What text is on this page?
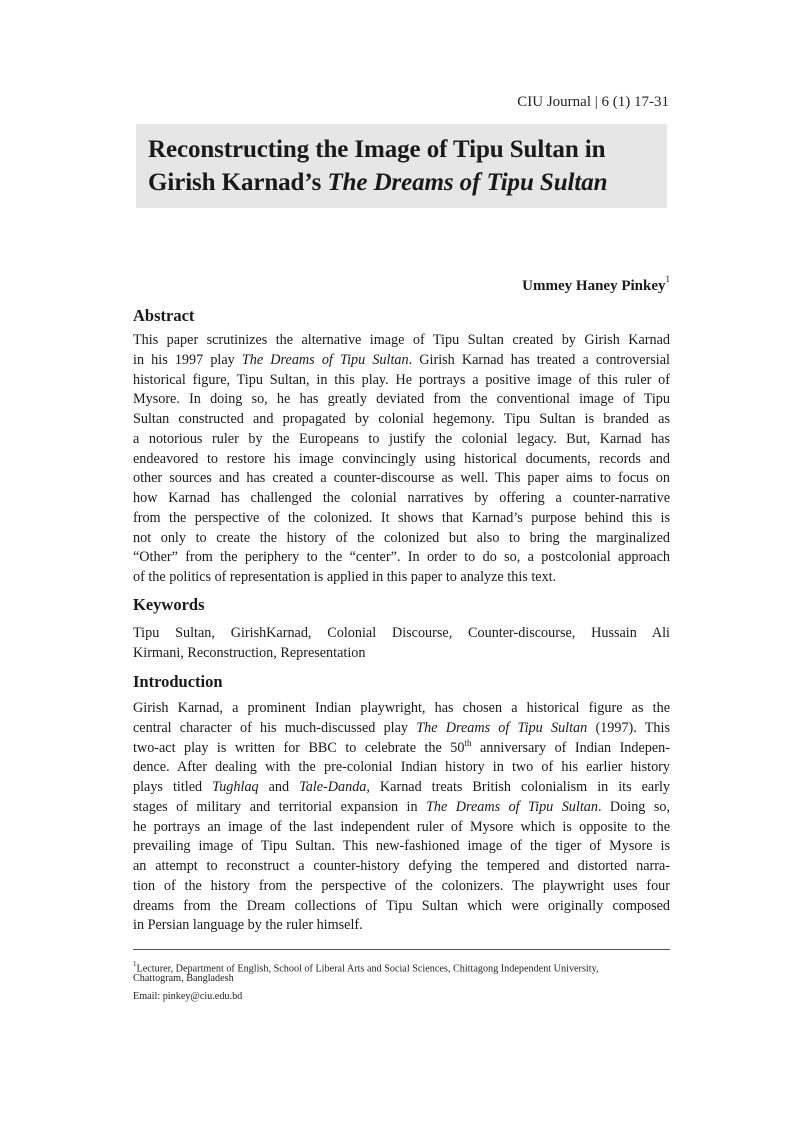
CIU Journal | 6 (1) 17-31
Reconstructing the Image of Tipu Sultan in
Girish Karnad’s The Dreams of Tipu Sultan
Ummey Haney Pinkey$^1$
Abstract
This paper scrutinizes the alternative image of Tipu Sultan created by Girish Karnad
in his 1997 play The Dreams of Tipu Sultan. Girish Karnad has treated a controversial
historical figure, Tipu Sultan, in this play. He portrays a positive image of this ruler of
Mysore. In doing so, he has greatly deviated from the conventional image of Tipu
Sultan constructed and propagated by colonial hegemony. Tipu Sultan is branded as
a notorious ruler by the Europeans to justify the colonial legacy. But, Karnad has
endeavored to restore his image convincingly using historical documents, records and
other sources and has created a counter-discourse as well. This paper aims to focus on
how Karnad has challenged the colonial narratives by offering a counter-narrative
from the perspective of the colonized. It shows that Karnad’s purpose behind this is
not only to create the history of the colonized but also to bring the marginalized
“Other” from the periphery to the “center”. In order to do so, a postcolonial approach
of the politics of representation is applied in this paper to analyze this text.
Keywords
Tipu Sultan, GirishKarnad, Colonial Discourse, Counter-discourse, Hussain Ali
Kirmani, Reconstruction, Representation
Introduction
Girish Karnad, a prominent Indian playwright, has chosen a historical figure as the
central character of his much-discussed play The Dreams of Tipu Sultan (1997). This
two-act play is written for BBC to celebrate the 50th anniversary of Indian Indepen-
dence. After dealing with the pre-colonial Indian history in two of his earlier history
plays titled Tughlaq and Tale-Danda, Karnad treats British colonialism in its early
stages of military and territorial expansion in The Dreams of Tipu Sultan. Doing so,
he portrays an image of the last independent ruler of Mysore which is opposite to the
prevailing image of Tipu Sultan. This new-fashioned image of the tiger of Mysore is
an attempt to reconstruct a counter-history defying the tempered and distorted narra-
tion of the history from the perspective of the colonizers. The playwright uses four
dreams from the Dream collections of Tipu Sultan which were originally composed
in Persian language by the ruler himself.
$^1$Lecturer, Department of English, School of Liberal Arts and Social Sciences, Chittagong Independent University,
Chattogram, Bangladesh
Email: pinkey@ciu.edu.bd
